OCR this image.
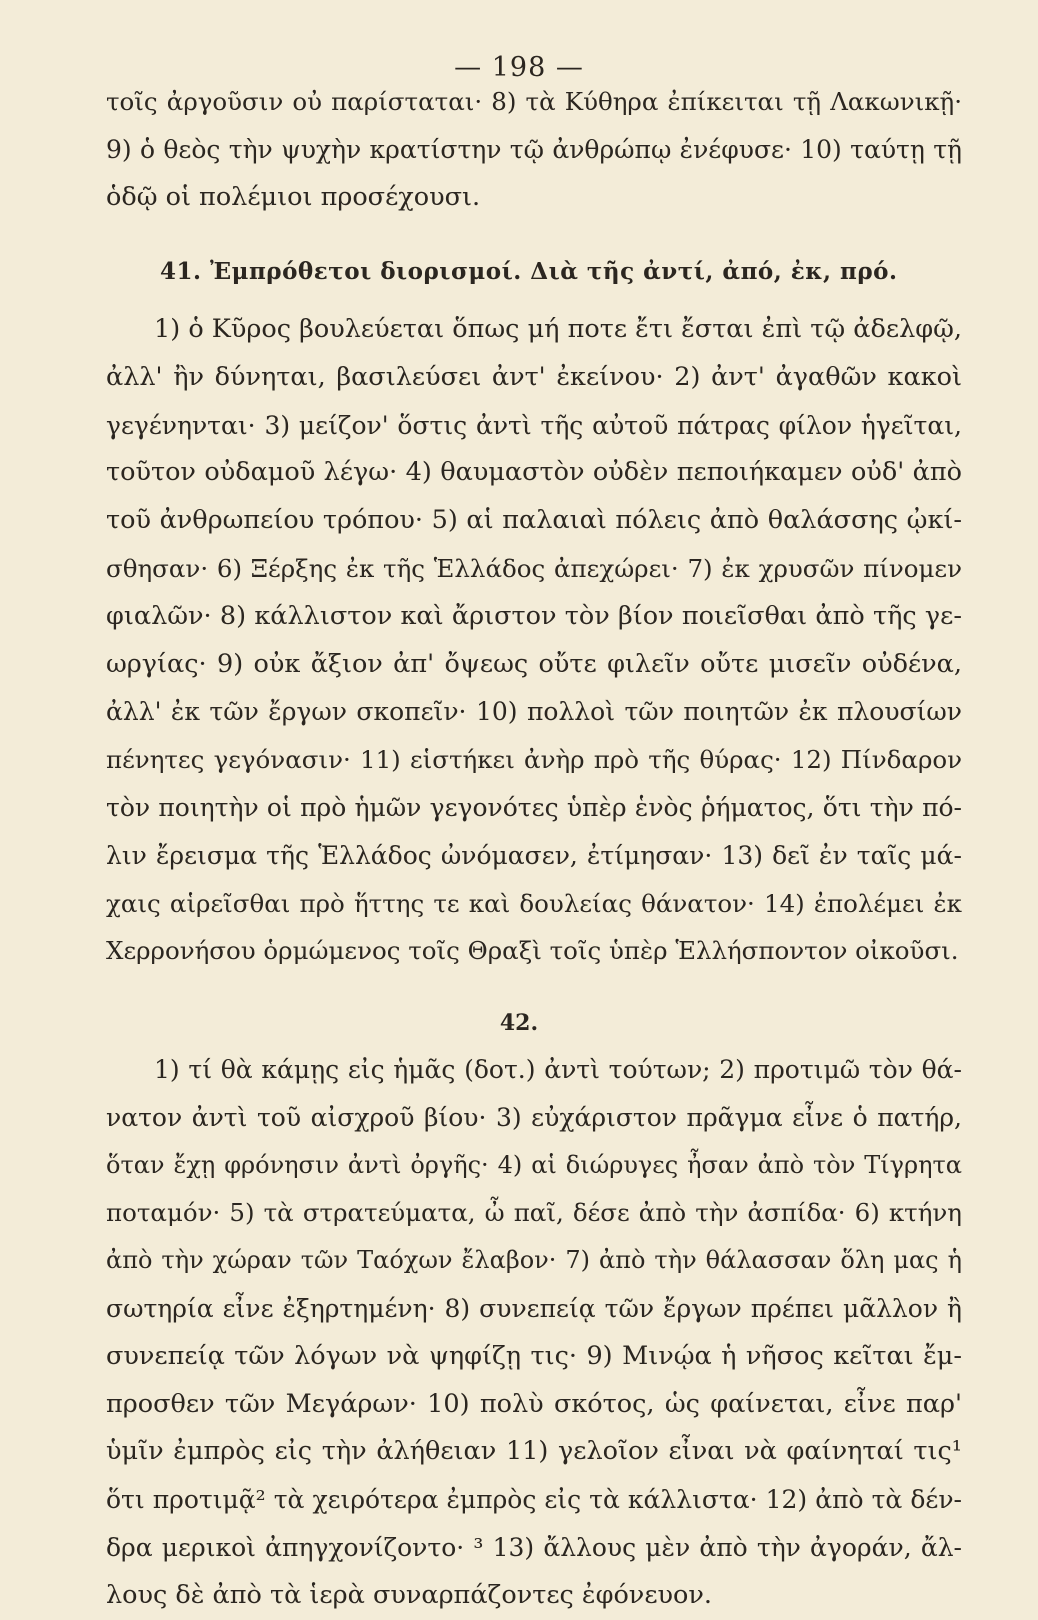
— 198 —

τοῖς ἀργοῦσιν οὐ παρίσταται· 8) τὰ Κύθηρα ἐπίκειται τῇ Λακωνικῇ·

9) ὁ θεὸς τὴν ψυχὴν κρατίστην τῷ ἀνθρώπῳ ἐνέφυσε· 10) ταύτῃ τῇ

ὁδῷ οἱ πολέμιοι προσέχουσι.

41. Ἐμπρόθετοι διορισμοί. Διὰ τῆς ἀντί, ἀπό, ἐκ, πρό.

1) ὁ Κῦρος βουλεύεται ὅπως μή ποτε ἔτι ἔσται ἐπὶ τῷ ἀδελφῷ,

ἀλλ' ἢν δύνηται, βασιλεύσει ἀντ' ἐκείνου· 2) ἀντ' ἀγαθῶν κακοὶ

γεγένηνται· 3) μείζον' ὅστις ἀντὶ τῆς αὐτοῦ πάτρας φίλον ἡγεῖται,

τοῦτον οὐδαμοῦ λέγω· 4) θαυμαστὸν οὐδὲν πεποιήκαμεν οὐδ' ἀπὸ

τοῦ ἀνθρωπείου τρόπου· 5) αἱ παλαιαὶ πόλεις ἀπὸ θαλάσσης ᾠκί-

σθησαν· 6) Ξέρξης ἐκ τῆς Ἑλλάδος ἀπεχώρει· 7) ἐκ χρυσῶν πίνομεν

φιαλῶν· 8) κάλλιστον καὶ ἄριστον τὸν βίον ποιεῖσθαι ἀπὸ τῆς γε-

ωργίας· 9) οὐκ ἄξιον ἀπ' ὄψεως οὔτε φιλεῖν οὔτε μισεῖν οὐδένα,

ἀλλ' ἐκ τῶν ἔργων σκοπεῖν· 10) πολλοὶ τῶν ποιητῶν ἐκ πλουσίων

πένητες γεγόνασιν· 11) εἱστήκει ἀνὴρ πρὸ τῆς θύρας· 12) Πίνδαρον

τὸν ποιητὴν οἱ πρὸ ἡμῶν γεγονότες ὑπὲρ ἑνὸς ῥήματος, ὅτι τὴν πό-

λιν ἔρεισμα τῆς Ἑλλάδος ὠνόμασεν, ἐτίμησαν· 13) δεῖ ἐν ταῖς μά-

χαις αἱρεῖσθαι πρὸ ἥττης τε καὶ δουλείας θάνατον· 14) ἐπολέμει ἐκ

Χερρονήσου ὁρμώμενος τοῖς Θραξὶ τοῖς ὑπὲρ Ἑλλήσποντον οἰκοῦσι.

42.

1) τί θὰ κάμῃς εἰς ἡμᾶς (δοτ.) ἀντὶ τούτων; 2) προτιμῶ τὸν θά-

νατον ἀντὶ τοῦ αἰσχροῦ βίου· 3) εὐχάριστον πρᾶγμα εἶνε ὁ πατήρ,

ὅταν ἔχῃ φρόνησιν ἀντὶ ὀργῆς· 4) αἱ διώρυγες ἦσαν ἀπὸ τὸν Τίγρητα

ποταμόν· 5) τὰ στρατεύματα, ὦ παῖ, δέσε ἀπὸ τὴν ἀσπίδα· 6) κτήνη

ἀπὸ τὴν χώραν τῶν Ταόχων ἔλαβον· 7) ἀπὸ τὴν θάλασσαν ὅλη μας ἡ

σωτηρία εἶνε ἐξηρτημένη· 8) συνεπείᾳ τῶν ἔργων πρέπει μᾶλλον ἢ

συνεπείᾳ τῶν λόγων νὰ ψηφίζῃ τις· 9) Μινῴα ἡ νῆσος κεῖται ἔμ-

προσθεν τῶν Μεγάρων· 10) πολὺ σκότος, ὡς φαίνεται, εἶνε παρ'

ὑμῖν ἐμπρὸς εἰς τὴν ἀλήθειαν 11) γελοῖον εἶναι νὰ φαίνηταί τις¹

ὅτι προτιμᾷ² τὰ χειρότερα ἐμπρὸς εἰς τὰ κάλλιστα· 12) ἀπὸ τὰ δέν-

δρα μερικοὶ ἀπηγχονίζοντο· ³ 13) ἄλλους μὲν ἀπὸ τὴν ἀγοράν, ἄλ-

λους δὲ ἀπὸ τὰ ἱερὰ συναρπάζοντες ἐφόνευον.
